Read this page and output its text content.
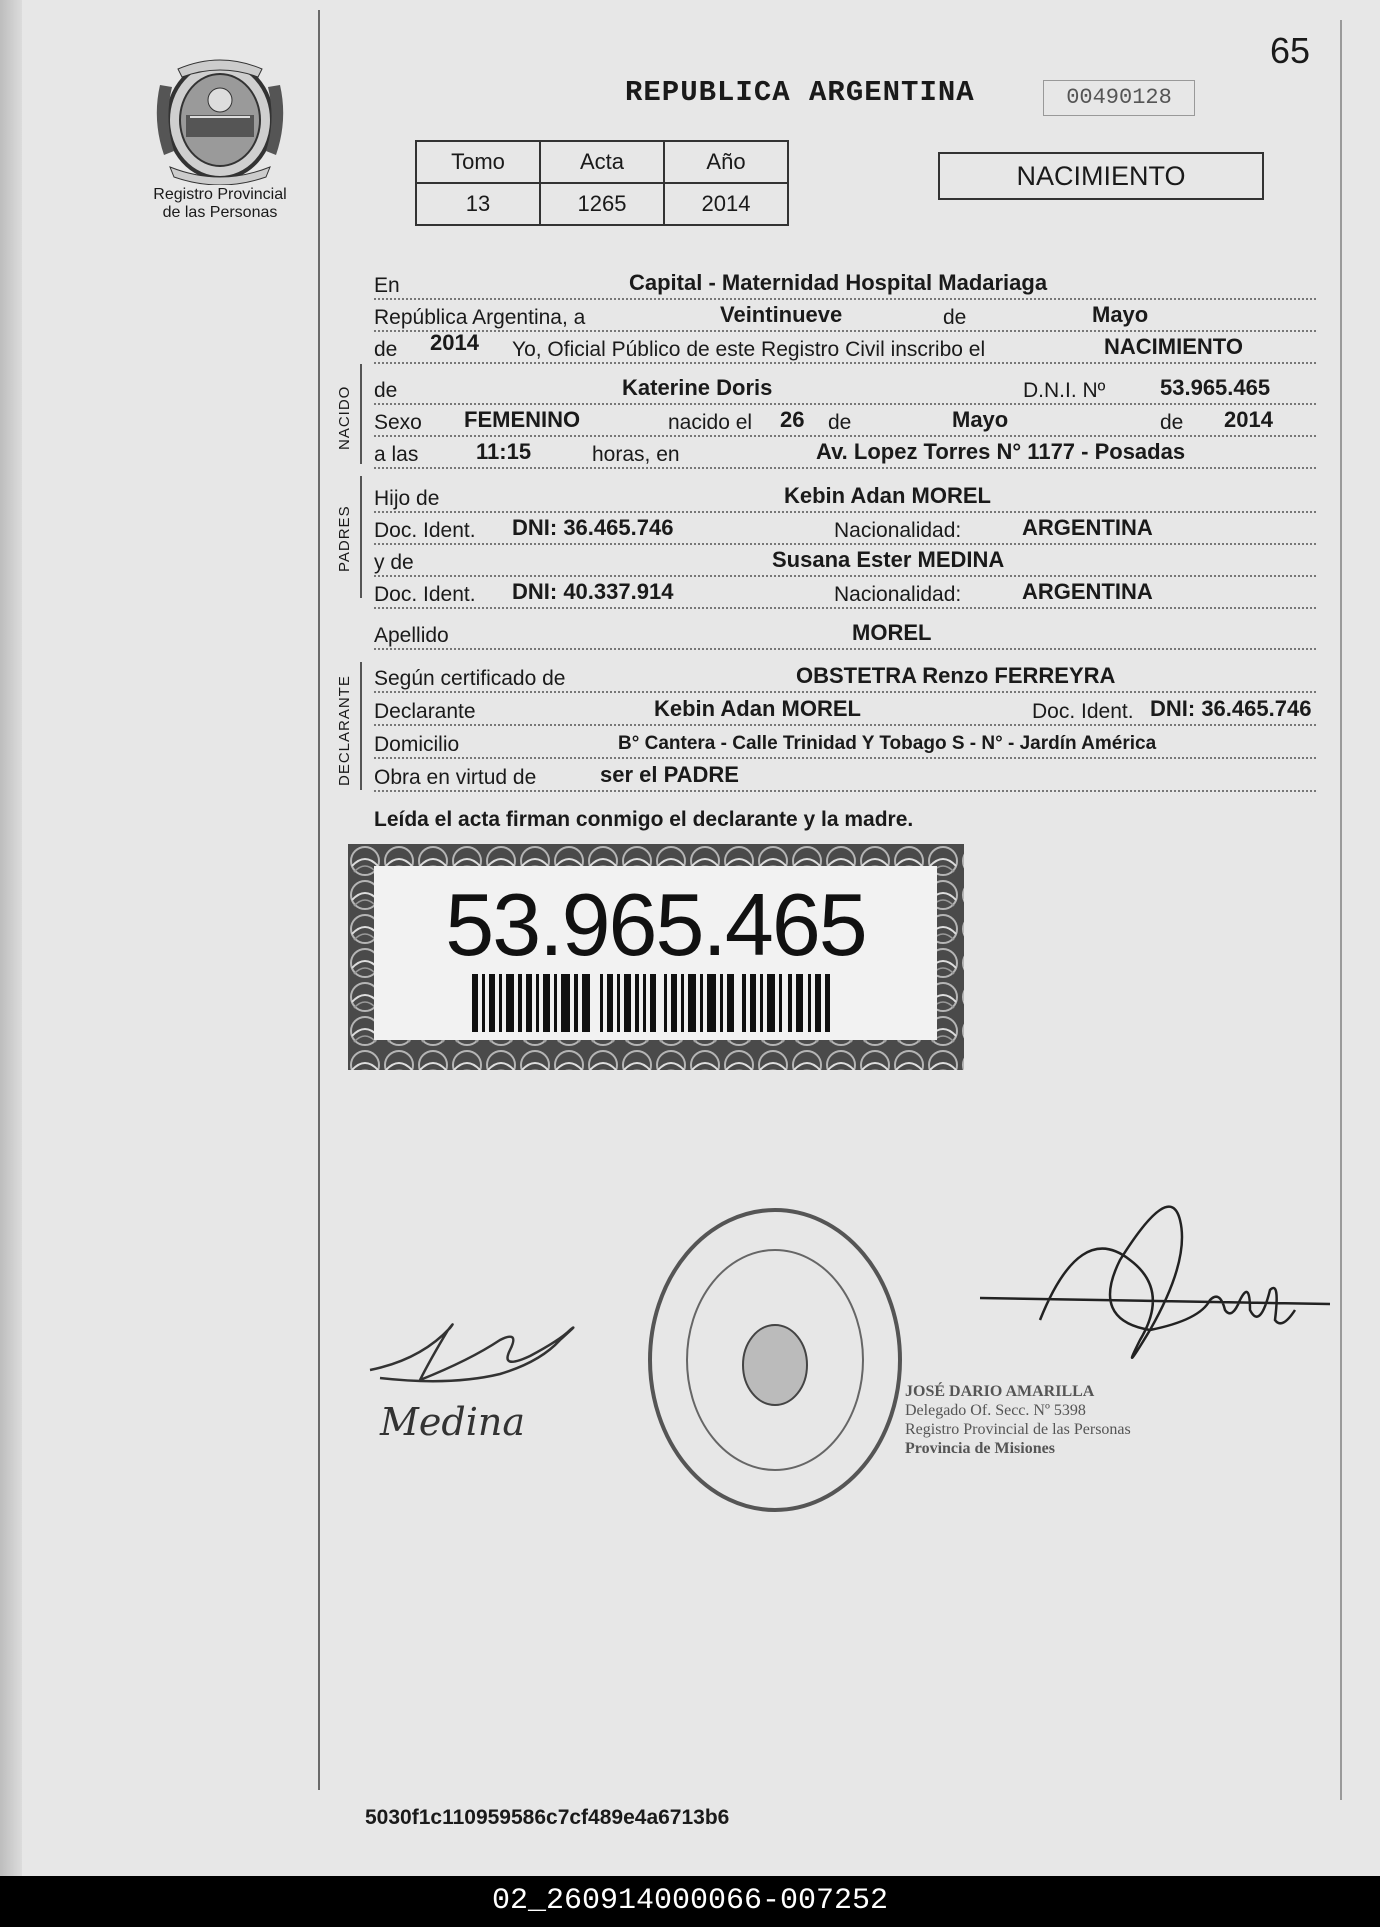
Registro Provincial
de las Personas
65
REPUBLICA ARGENTINA	00490128
Tomo	Acta	Año
13	1265	2014
NACIMIENTO
En	Capital - Maternidad Hospital Madariaga
República Argentina, a	Veintinueve	de	Mayo
de 2014 Yo, Oficial Público de este Registro Civil inscribo el	NACIMIENTO
NACIDO de	Katerine Doris	D.N.I. Nº 53.965.465
Sexo FEMENINO	nacido el 26 de	Mayo	de 2014
a las	11:15	horas, en	Av. Lopez Torres N° 1177 - Posadas
PADRES
Hijo de	Kebin Adan MOREL
Doc. Ident. DNI: 36.465.746	Nacionalidad:	ARGENTINA
y de	Susana Ester MEDINA
Doc. Ident. DNI: 40.337.914	Nacionalidad:	ARGENTINA
Apellido	MOREL
DECLARANTE Según certificado de	OBSTETRA Renzo FERREYRA
Declarante	Kebin Adan MOREL	Doc. Ident. DNI: 36.465.746
Domicilio	B° Cantera - Calle Trinidad Y Tobago S - N° - Jardín América
Obra en virtud de	ser el PADRE
Leída el acta firman conmigo el declarante y la madre.
53.965.465
Medina
JOSÉ DARIO AMARILLA
Delegado Of. Secc. Nº 5398
Registro Provincial de las Personas
Provincia de Misiones
5030f1c110959586c7cf489e4a6713b6
02_260914000066-007252
